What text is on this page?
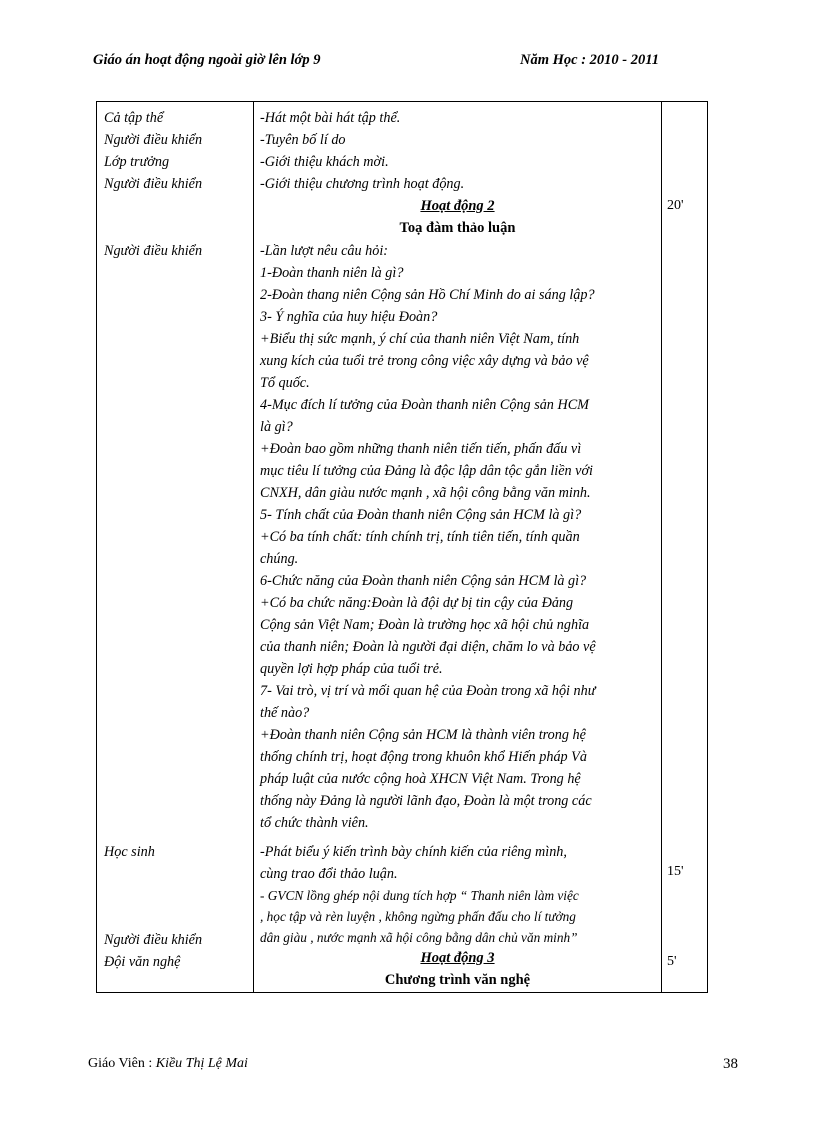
Giáo án hoạt động ngoài giờ lên lớp 9	Năm Học : 2010 - 2011
Cả tập thể
Người điều khiển
Lớp trưởng
Người điều khiển
Người điều khiển
Học sinh
Người điều khiển
Đội văn nghệ
-Hát một bài hát tập thể.
-Tuyên bố lí do
-Giới thiệu khách mời.
-Giới thiệu chương trình hoạt động.
Hoạt động 2
Toạ đàm thảo luận
-Lần lượt nêu câu hỏi:
1-Đoàn thanh niên là gì?
2-Đoàn thang niên Cộng sản Hồ Chí Minh do ai sáng lập?
3- Ý nghĩa của huy hiệu Đoàn?
+Biểu thị sức mạnh, ý chí của thanh niên Việt Nam, tính
xung kích của tuổi trẻ trong công việc xây dựng và bảo vệ
Tổ quốc.
4-Mục đích lí tưởng của Đoàn thanh niên Cộng sản HCM
là gì?
+Đoàn bao gồm những thanh niên tiến tiến, phấn đấu vì
mục tiêu lí tưởng của Đảng là độc lập dân tộc gắn liền với
CNXH, dân giàu nước mạnh , xã hội công bằng văn minh.
5- Tính chất của Đoàn thanh niên Cộng sản HCM là gì?
+Có ba tính chất: tính chính trị, tính tiên tiến, tính quần
chúng.
6-Chức năng của Đoàn thanh niên Cộng sản HCM là gì?
+Có ba chức năng:Đoàn là đội dự bị tin cậy của Đảng
Cộng sản Việt Nam; Đoàn là trường học xã hội chủ nghĩa
của thanh niên; Đoàn là người đại diện, chăm lo và bảo vệ
quyền lợi hợp pháp của tuổi trẻ.
7- Vai trò, vị trí và mối quan hệ của Đoàn trong xã hội như
thế nào?
+Đoàn thanh niên Cộng sản HCM là thành viên trong hệ
thống chính trị, hoạt động trong khuôn khổ Hiến pháp Và
pháp luật của nước cộng hoà XHCN Việt Nam. Trong hệ
thống này Đảng là người lãnh đạo, Đoàn là một trong các
tổ chức thành viên.
-Phát biểu ý kiến trình bày chính kiến của riêng mình,
cùng trao đổi thảo luận.
- GVCN lồng ghép nội dung tích hợp “ Thanh niên làm việc
, học tập và rèn luyện , không ngừng phấn đấu cho lí tưởng
dân giàu , nước mạnh xã hội công bằng dân chủ văn minh”
Hoạt động 3
Chương trình văn nghệ
20'
15'
5'
Giáo Viên : Kiều Thị Lệ Mai	38
